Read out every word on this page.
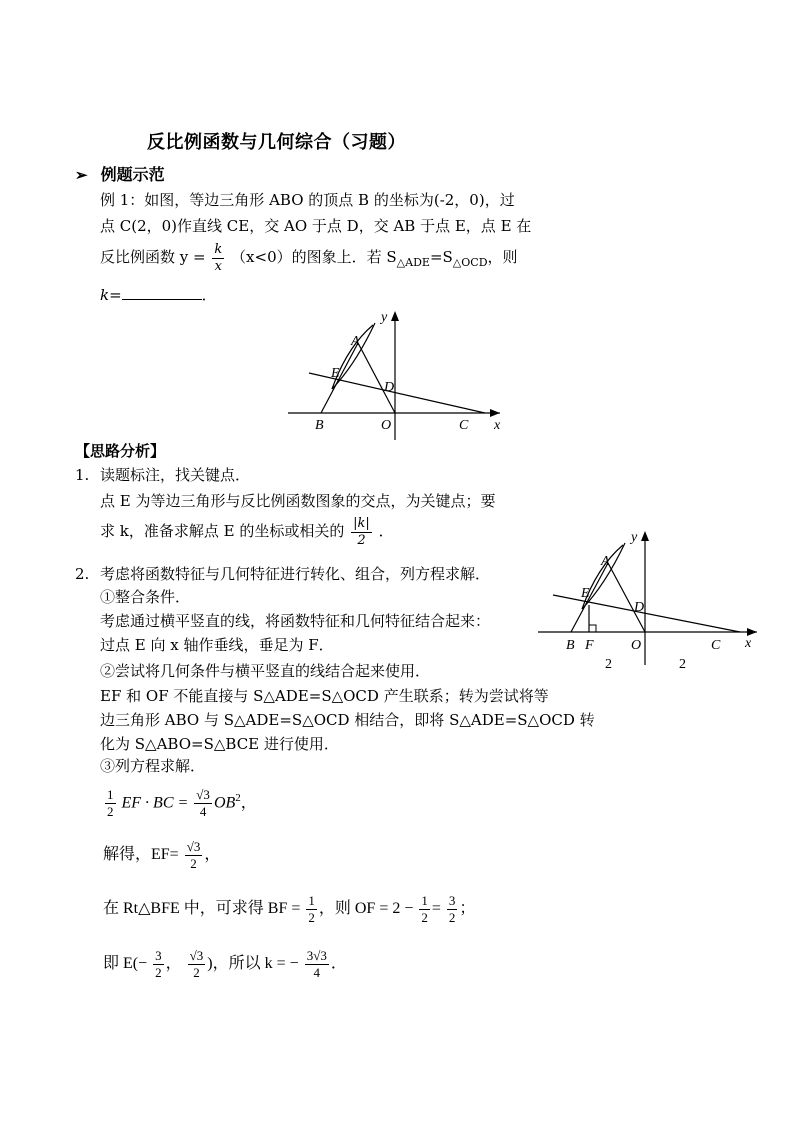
反比例函数与几何综合（习题）
➢ 例题示范
例 1：如图，等边三角形 ABO 的顶点 B 的坐标为(-2，0)，过
点 C(2，0)作直线 CE，交 AO 于点 D，交 AB 于点 E，点 E 在
反比例函数 $y = \frac{k}{x} (x<0)$的图象上．若 $S_{\triangle ADE}=S_{\triangle OCD}$，则
k=	．
y
A
E
D
B	O	C x
【思路分析】
1. 读题标注，找关键点．
点 E 为等边三角形与反比例函数图象的交点，为关键点；要
求 k，准备求解点 E 的坐标或相关的 $\frac{|k|}{2}$ ．
2. 考虑将函数特征与几何特征进行转化、组合，列方程求解．
①整合条件．
考虑通过横平竖直的线，将函数特征和几何特征结合起来：
过点 E 向 x 轴作垂线，垂足为 F．
②尝试将几何条件与横平竖直的线结合起来使用．
EF 和 OF 不能直接与 S△ADE=S△OCD 产生联系；转为尝试将等
边三角形 ABO 与 S△ADE=S△OCD 相结合，即将 S△ADE=S△OCD 转
化为 S△ABO=S△BCE 进行使用．
③列方程求解．
y
A
E
D
B F	O	C x
2	2
$\frac{1}{2}$ EF · BC = $\frac{√3}{4} OB^2$，
解得，$EF= \frac{√3}{2}$ ，
在 Rt△BFE 中，可求得 BF = $\frac{1}{2}$ ，则 OF = $2 - \frac{1}{2} = \frac{3}{2}$ ；
即 $E(- \frac{3}{2}$ ， $\frac{√3}{2}$ )，所以 k = − $\frac{3√3}{4}$ ．
